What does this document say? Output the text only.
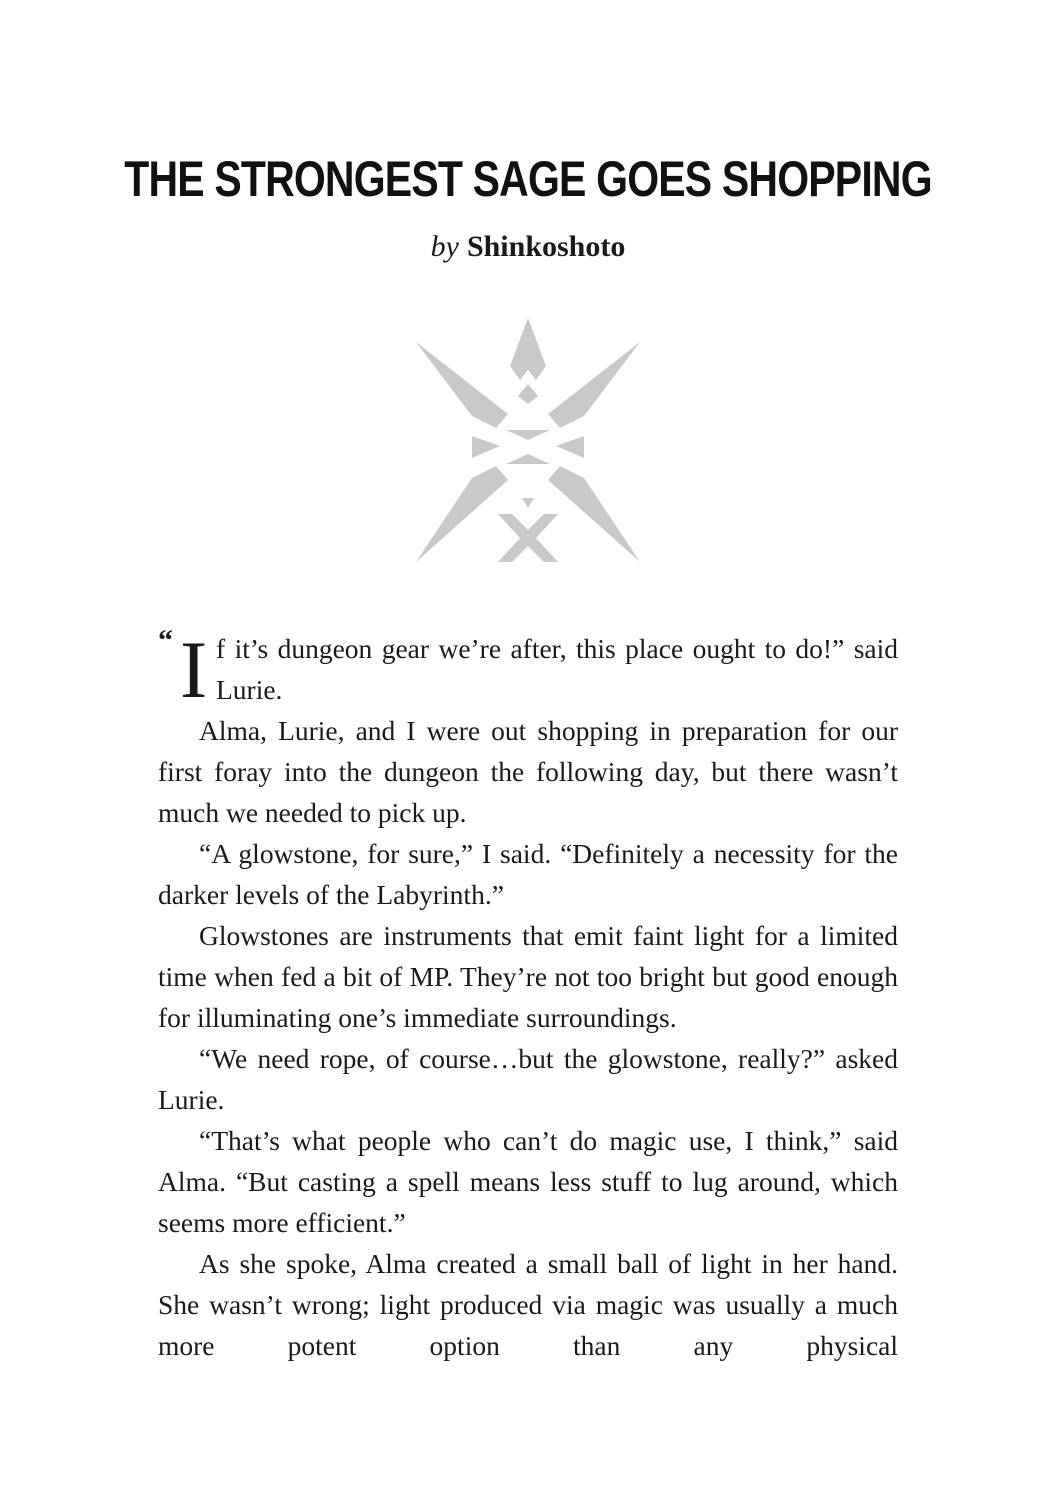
THE STRONGEST SAGE GOES SHOPPING
by Shinkoshoto

“ I f it’s dungeon gear we’re after, this place ought to do!” said Lurie.

Alma, Lurie, and I were out shopping in preparation for our first foray into the dungeon the following day, but there wasn’t much we needed to pick up.

“A glowstone, for sure,” I said. “Definitely a necessity for the darker levels of the Labyrinth.”

Glowstones are instruments that emit faint light for a limited time when fed a bit of MP. They’re not too bright but good enough for illuminating one’s immediate surroundings.

“We need rope, of course…but the glowstone, really?” asked Lurie.

“That’s what people who can’t do magic use, I think,” said Alma. “But casting a spell means less stuff to lug around, which seems more efficient.”

As she spoke, Alma created a small ball of light in her hand. She wasn’t wrong; light produced via magic was usually a much more potent option than any physical
